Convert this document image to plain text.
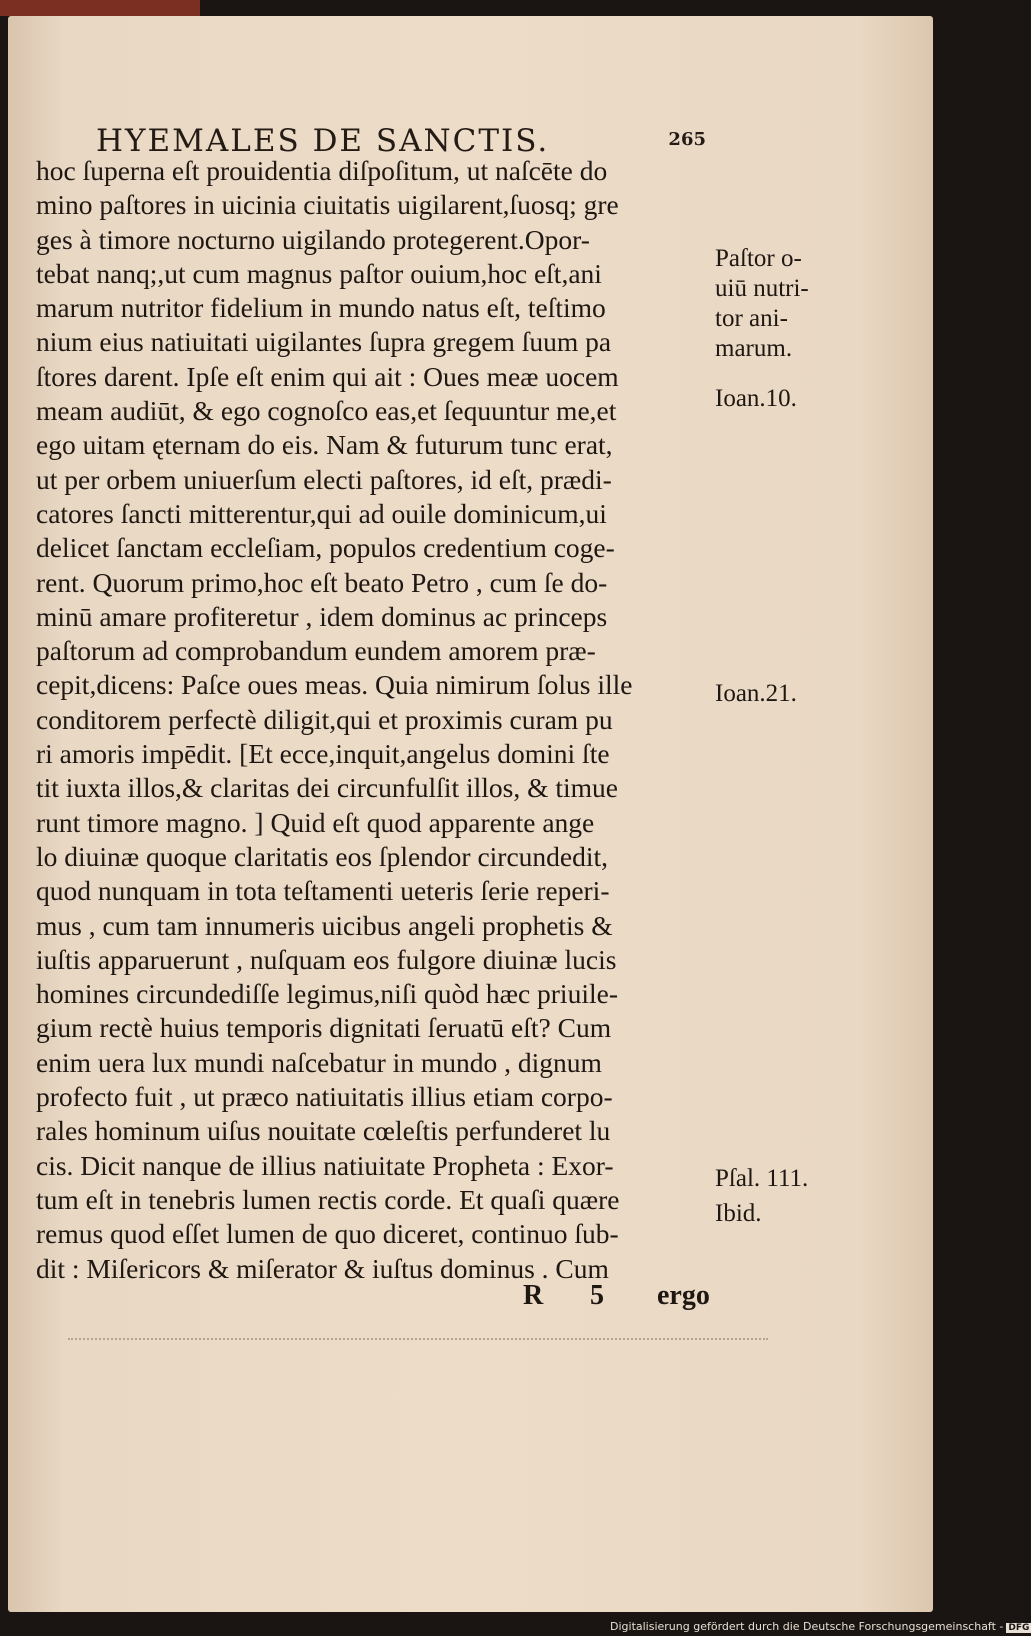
HYEMALES DE SANCTIS.	265
hoc ſuperna eſt prouidentia diſpoſitum, ut naſcēte do
mino paſtores in uicinia ciuitatis uigilarent,ſuosq; gre
ges à timore nocturno uigilando protegerent.Opor-
tebat nanq;,ut cum magnus paſtor ouium,hoc eſt,ani
marum nutritor fidelium in mundo natus eſt, teſtimo
nium eius natiuitati uigilantes ſupra gregem ſuum pa
ſtores darent. Ipſe eſt enim qui ait : Oues meæ uocem
meam audiūt, & ego cognoſco eas,et ſequuntur me,et
ego uitam ęternam do eis. Nam & futurum tunc erat,
ut per orbem uniuerſum electi paſtores, id eſt, prædi-
catores ſancti mitterentur,qui ad ouile dominicum,ui
delicet ſanctam eccleſiam, populos credentium coge-
rent. Quorum primo,hoc eſt beato Petro , cum ſe do-
minū amare profiteretur , idem dominus ac princeps
paſtorum ad comprobandum eundem amorem præ-
cepit,dicens: Paſce oues meas. Quia nimirum ſolus ille
conditorem perfectè diligit,qui et proximis curam pu
ri amoris impēdit. [Et ecce,inquit,angelus domini ſte
tit iuxta illos,& claritas dei circunfulſit illos, & timue
runt timore magno. ] Quid eſt quod apparente ange
lo diuinæ quoque claritatis eos ſplendor circundedit,
quod nunquam in tota teſtamenti ueteris ſerie reperi-
mus , cum tam innumeris uicibus angeli prophetis &
iuſtis apparuerunt , nuſquam eos fulgore diuinæ lucis
homines circundediſſe legimus,niſi quòd hæc priuile-
gium rectè huius temporis dignitati ſeruatū eſt? Cum
enim uera lux mundi naſcebatur in mundo , dignum
profecto fuit , ut præco natiuitatis illius etiam corpo-
rales hominum uiſus nouitate cœleſtis perfunderet lu
cis. Dicit nanque de illius natiuitate Propheta : Exor-
tum eſt in tenebris lumen rectis corde. Et quaſi quære
remus quod eſſet lumen de quo diceret, continuo ſub-
dit : Miſericors & miſerator & iuſtus dominus . Cum
Paſtor o-
uiū nutri-
tor ani-
marum.
Ioan.10.
Ioan.21.
Pſal. 111.
Ibid.
R 5 ergo
Digitalisierung gefördert durch die Deutsche Forschungsgemeinschaft - DFG
